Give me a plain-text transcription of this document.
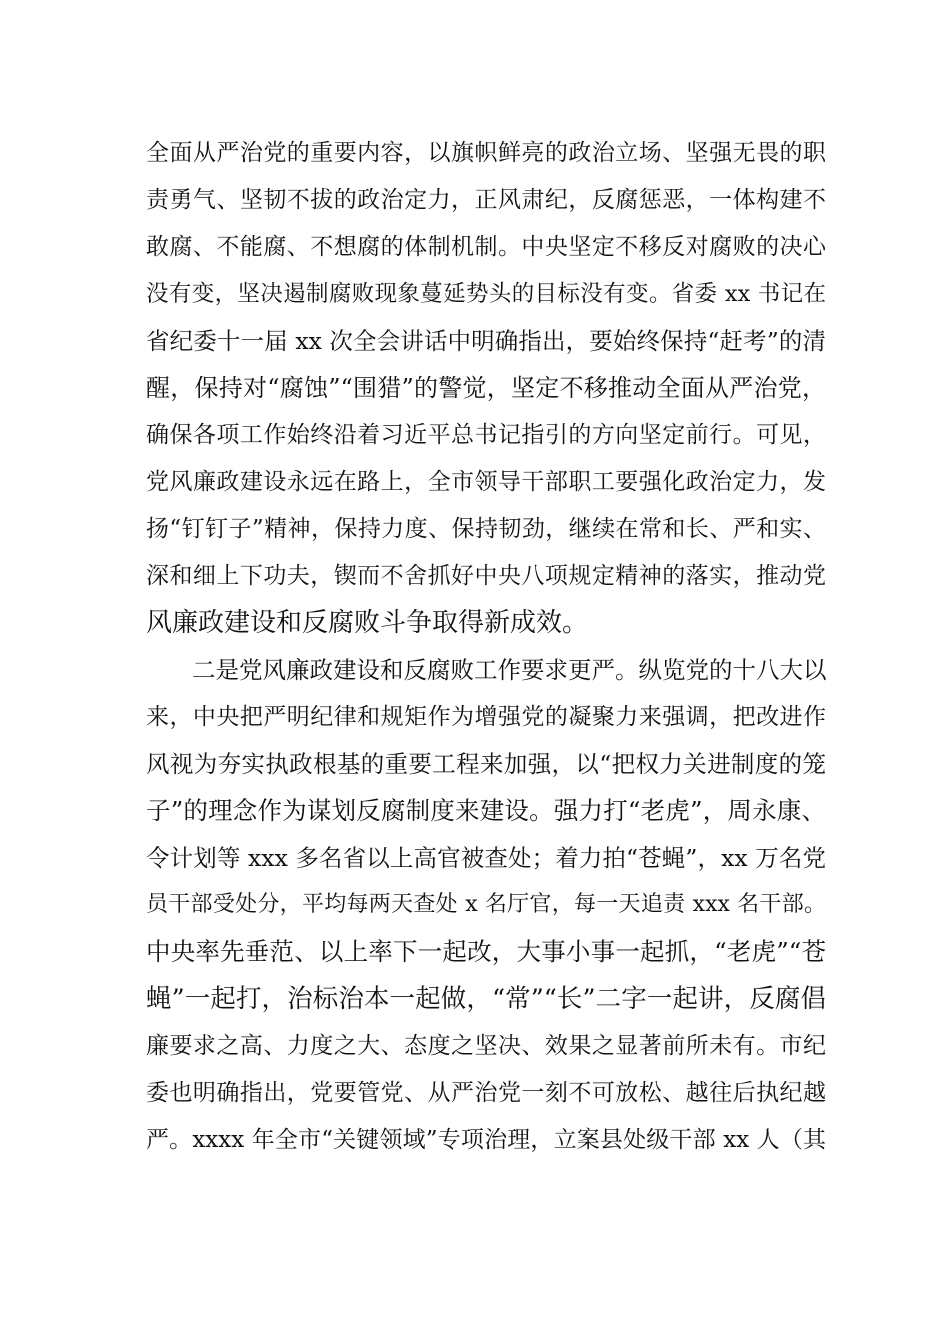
全面从严治党的重要内容，以旗帜鲜亮的政治立场、坚强无畏的职
责勇气、坚韧不拔的政治定力，正风肃纪，反腐惩恶，一体构建不
敢腐、不能腐、不想腐的体制机制。中央坚定不移反对腐败的决心
没有变，坚决遏制腐败现象蔓延势头的目标没有变。省委 xx 书记在
省纪委十一届 xx 次全会讲话中明确指出，要始终保持“赶考”的清
醒，保持对“腐蚀”“围猎”的警觉，坚定不移推动全面从严治党，
确保各项工作始终沿着习近平总书记指引的方向坚定前行。可见，
党风廉政建设永远在路上，全市领导干部职工要强化政治定力，发
扬“钉钉子”精神，保持力度、保持韧劲，继续在常和长、严和实、
深和细上下功夫，锲而不舍抓好中央八项规定精神的落实，推动党
风廉政建设和反腐败斗争取得新成效。
二是党风廉政建设和反腐败工作要求更严。纵览党的十八大以
来，中央把严明纪律和规矩作为增强党的凝聚力来强调，把改进作
风视为夯实执政根基的重要工程来加强，以“把权力关进制度的笼
子”的理念作为谋划反腐制度来建设。强力打“老虎”，周永康、
令计划等 xxx 多名省以上高官被查处；着力拍“苍蝇”，xx 万名党
员干部受处分，平均每两天查处 x 名厅官，每一天追责 xxx 名干部。
中央率先垂范、以上率下一起改，大事小事一起抓，“老虎”“苍
蝇”一起打，治标治本一起做，“常”“长”二字一起讲，反腐倡
廉要求之高、力度之大、态度之坚决、效果之显著前所未有。市纪
委也明确指出，党要管党、从严治党一刻不可放松、越往后执纪越
严。xxxx 年全市“关键领域”专项治理，立案县处级干部 xx 人（其
